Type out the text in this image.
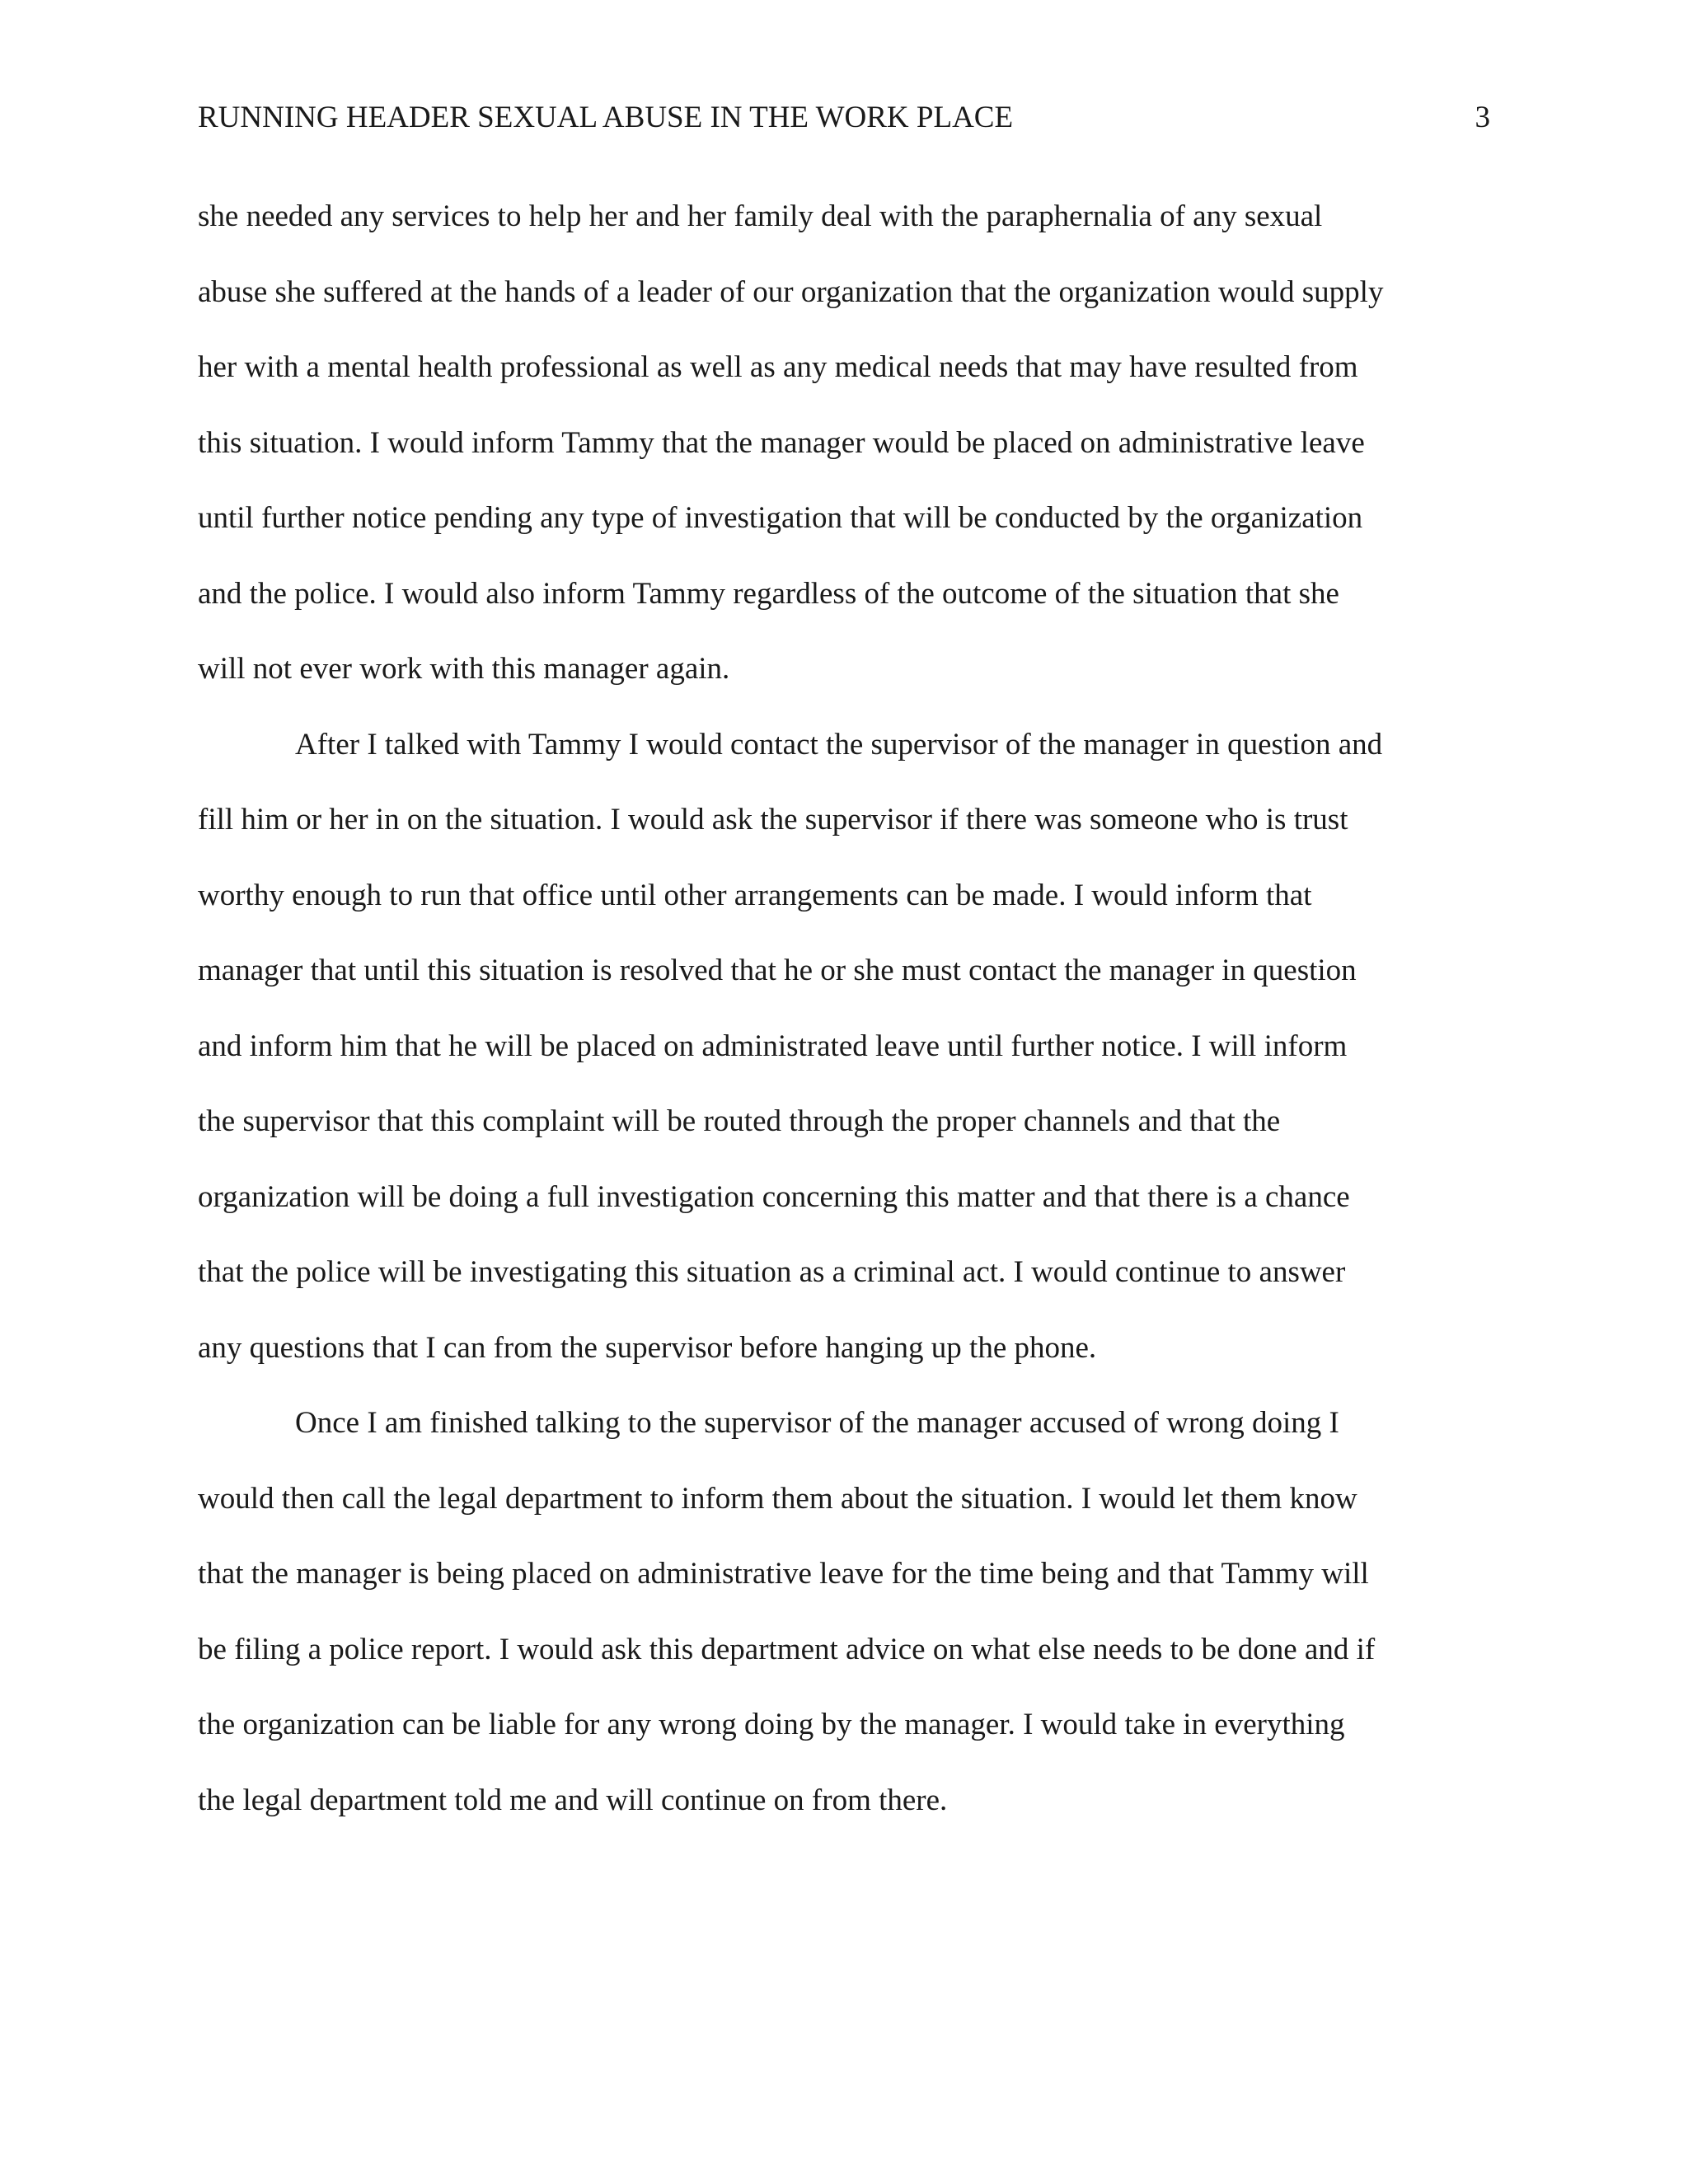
RUNNING HEADER SEXUAL ABUSE IN THE WORK PLACE	3
she needed any services to help her and her family deal with the paraphernalia of any sexual
abuse she suffered at the hands of a leader of our organization that the organization would supply
her with a mental health professional as well as any medical needs that may have resulted from
this situation. I would inform Tammy that the manager would be placed on administrative leave
until further notice pending any type of investigation that will be conducted by the organization
and the police. I would also inform Tammy regardless of the outcome of the situation that she
will not ever work with this manager again.
After I talked with Tammy I would contact the supervisor of the manager in question and
fill him or her in on the situation. I would ask the supervisor if there was someone who is trust
worthy enough to run that office until other arrangements can be made. I would inform that
manager that until this situation is resolved that he or she must contact the manager in question
and inform him that he will be placed on administrated leave until further notice. I will inform
the supervisor that this complaint will be routed through the proper channels and that the
organization will be doing a full investigation concerning this matter and that there is a chance
that the police will be investigating this situation as a criminal act. I would continue to answer
any questions that I can from the supervisor before hanging up the phone.
Once I am finished talking to the supervisor of the manager accused of wrong doing I
would then call the legal department to inform them about the situation. I would let them know
that the manager is being placed on administrative leave for the time being and that Tammy will
be filing a police report. I would ask this department advice on what else needs to be done and if
the organization can be liable for any wrong doing by the manager. I would take in everything
the legal department told me and will continue on from there.
